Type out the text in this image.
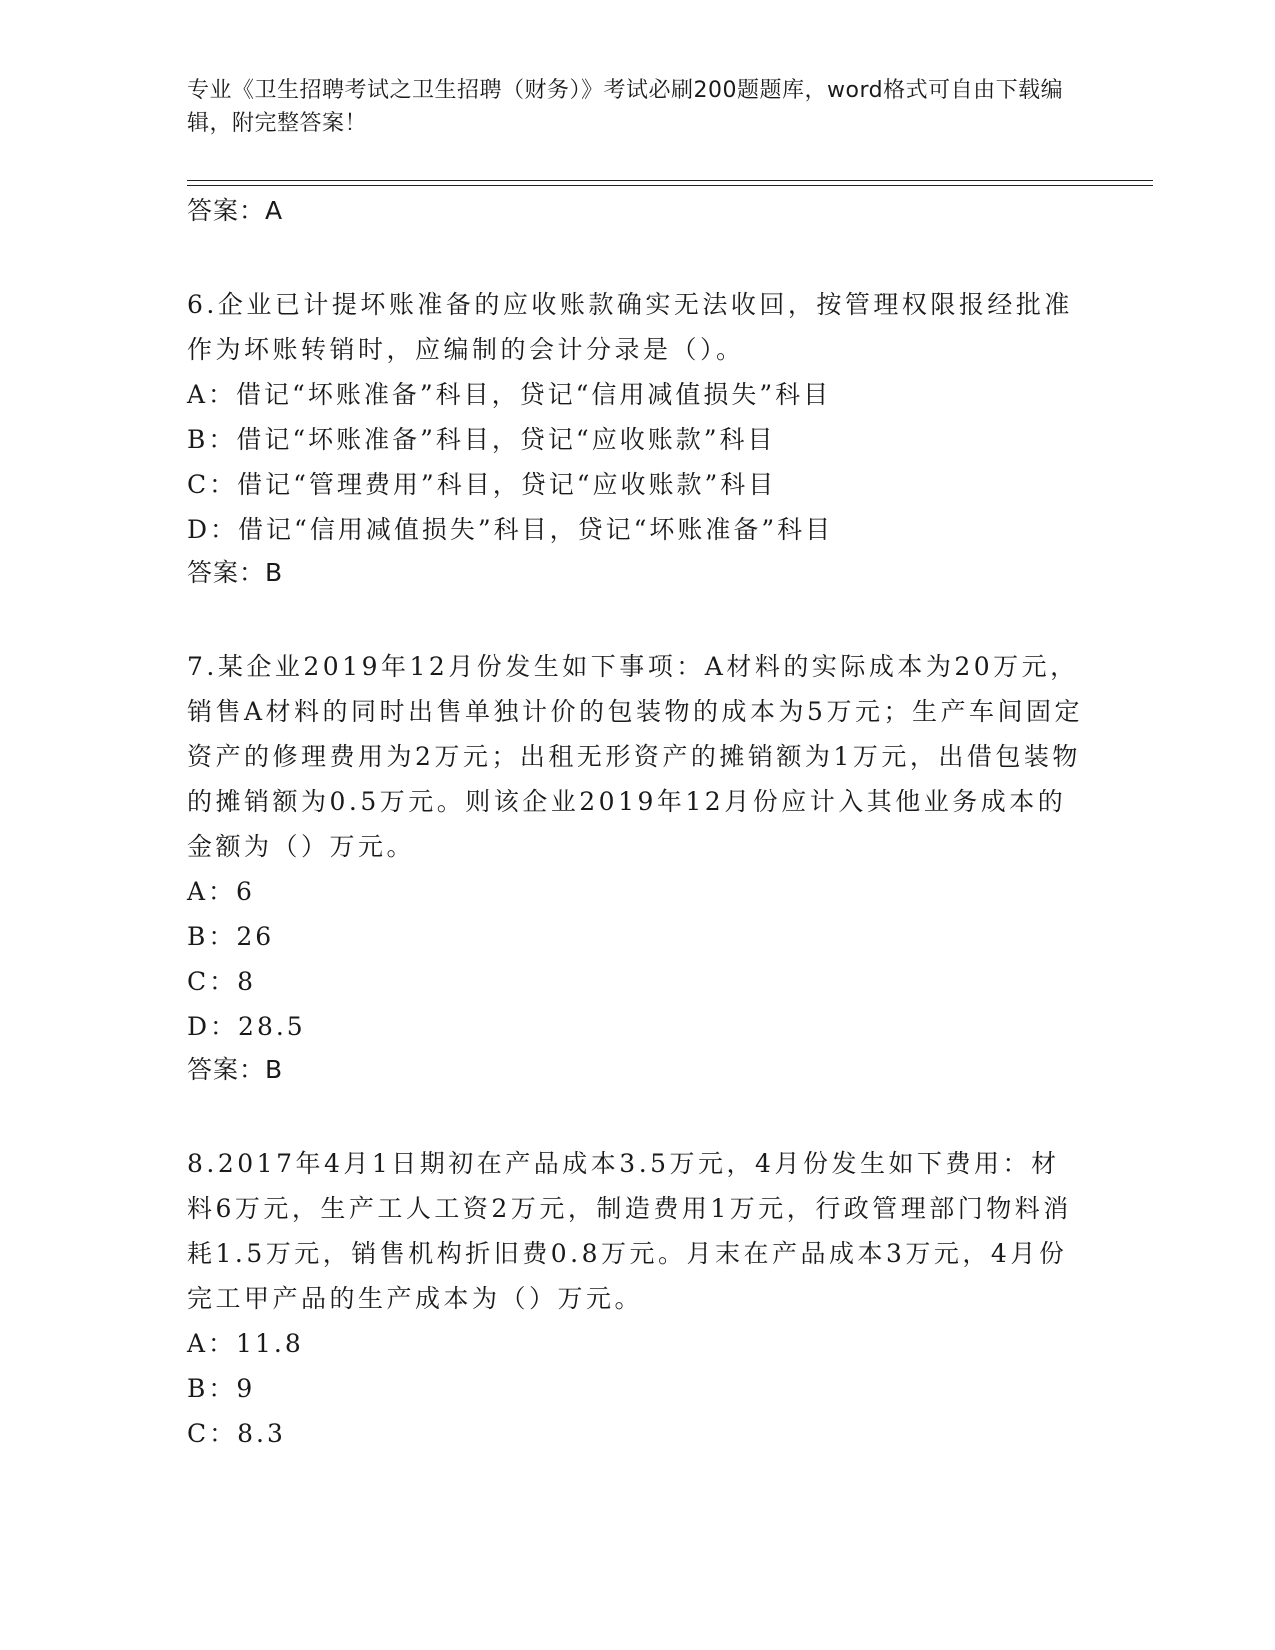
专业《卫生招聘考试之卫生招聘（财务）》考试必刷200题题库，word格式可自由下载编辑，附完整答案！
答案：A

6.企业已计提坏账准备的应收账款确实无法收回，按管理权限报经批准作为坏账转销时，应编制的会计分录是（）。

A：借记“坏账准备”科目，贷记“信用减值损失”科目

B：借记“坏账准备”科目，贷记“应收账款”科目

C：借记“管理费用”科目，贷记“应收账款”科目

D：借记“信用减值损失”科目，贷记“坏账准备”科目

答案：B

7.某企业2019年12月份发生如下事项：A材料的实际成本为20万元，销售A材料的同时出售单独计价的包装物的成本为5万元；生产车间固定资产的修理费用为2万元；出租无形资产的摊销额为1万元，出借包装物的摊销额为0.5万元。则该企业2019年12月份应计入其他业务成本的金额为（）万元。

A：6

B：26

C：8

D：28.5

答案：B

8.2017年4月1日期初在产品成本3.5万元，4月份发生如下费用：材料6万元，生产工人工资2万元，制造费用1万元，行政管理部门物料消耗1.5万元，销售机构折旧费0.8万元。月末在产品成本3万元，4月份完工甲产品的生产成本为（）万元。

A：11.8

B：9

C：8.3
